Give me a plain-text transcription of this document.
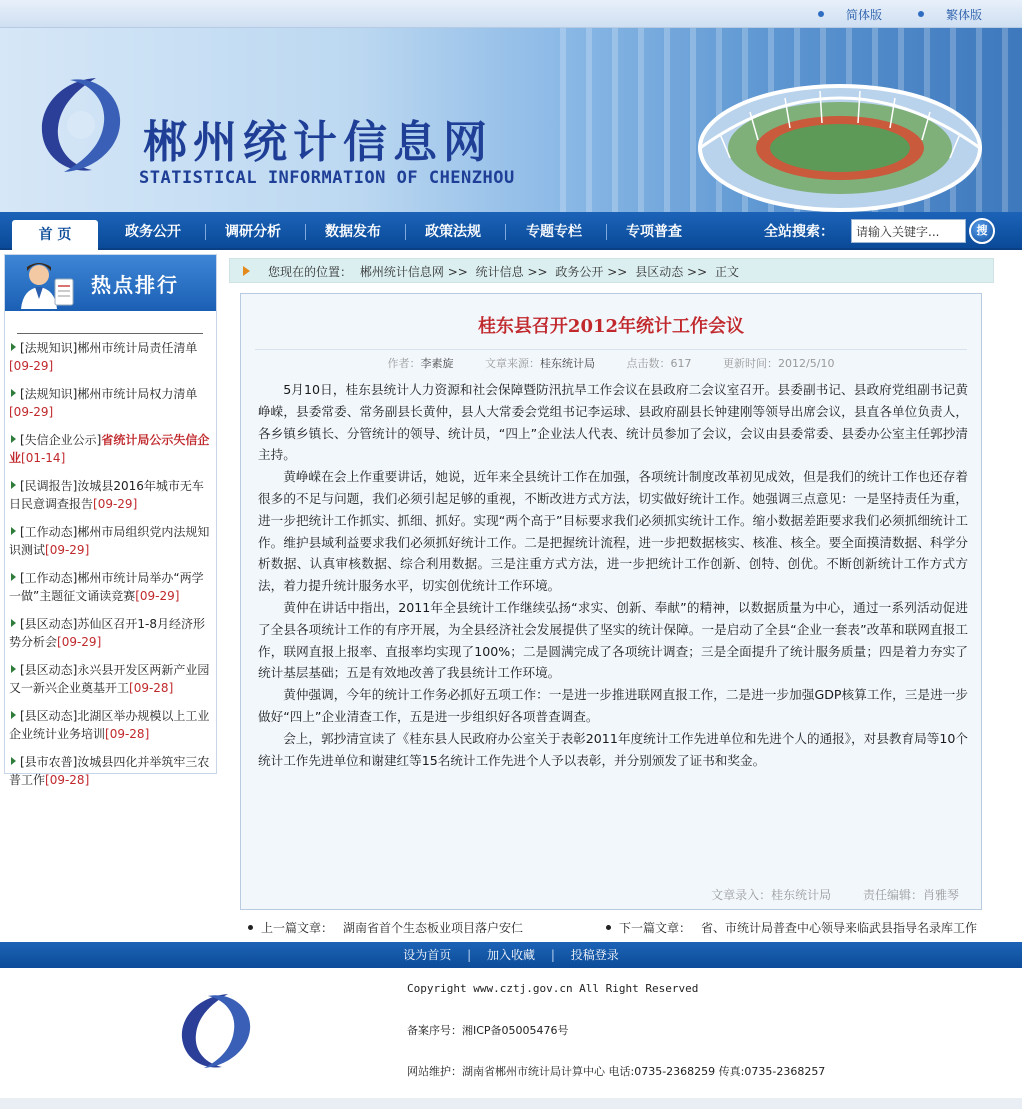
简体版	繁体版
郴州统计信息网
STATISTICAL INFORMATION OF CHENZHOU
首 页	政务公开	调研分析	数据发布	政策法规	专题专栏	专项普查	全站搜索：
请输入关键字...	搜
热点排行
[法规知识]郴州市统计局责任清单[09-29]
[法规知识]郴州市统计局权力清单[09-29]
[失信企业公示]省统计局公示失信企业[01-14]
[民调报告]汝城县2016年城市无车日民意调查报告[09-29]
[工作动态]郴州市局组织党内法规知识测试[09-29]
[工作动态]郴州市统计局举办“两学一做”主题征文诵读竞赛[09-29]
[县区动态]苏仙区召开1-8月经济形势分析会[09-29]
[县区动态]永兴县开发区两新产业园又一新兴企业奠基开工[09-28]
[县区动态]北湖区举办规模以上工业企业统计业务培训[09-28]
[县市农普]汝城县四化并举筑牢三农普工作[09-28]
您现在的位置： 郴州统计信息网 >> 统计信息 >> 政务公开 >> 县区动态 >> 正文
桂东县召开2012年统计工作会议
作者：李素旋	文章来源：桂东统计局	点击数：617	更新时间：2012/5/10

5月10日，桂东县统计人力资源和社会保障暨防汛抗旱工作会议在县政府二会议室召开。县委副书记、县政府党组副书记黄峥嵘，县委常委、常务副县长黄仲，县人大常委会党组书记李运球、县政府副县长钟建刚等领导出席会议，县直各单位负责人，各乡镇乡镇长、分管统计的领导、统计员，“四上”企业法人代表、统计员参加了会议，会议由县委常委、县委办公室主任郭抄清主持。

黄峥嵘在会上作重要讲话，她说，近年来全县统计工作在加强，各项统计制度改革初见成效，但是我们的统计工作也还存着很多的不足与问题，我们必须引起足够的重视，不断改进方式方法，切实做好统计工作。她强调三点意见：一是坚持责任为重，进一步把统计工作抓实、抓细、抓好。实现“两个高于”目标要求我们必须抓实统计工作。缩小数据差距要求我们必须抓细统计工作。维护县域利益要求我们必须抓好统计工作。二是把握统计流程，进一步把数据核实、核准、核全。要全面摸清数据、科学分析数据、认真审核数据、综合利用数据。三是注重方式方法，进一步把统计工作创新、创特、创优。不断创新统计工作方式方法，着力提升统计服务水平，切实创优统计工作环境。

黄仲在讲话中指出，2011年全县统计工作继续弘扬“求实、创新、奉献”的精神，以数据质量为中心，通过一系列活动促进了全县各项统计工作的有序开展，为全县经济社会发展提供了坚实的统计保障。一是启动了全县“企业一套表”改革和联网直报工作，联网直报上报率、直报率均实现了100%；二是圆满完成了各项统计调查；三是全面提升了统计服务质量；四是着力夯实了统计基层基础；五是有效地改善了我县统计工作环境。

黄仲强调，今年的统计工作务必抓好五项工作：一是进一步推进联网直报工作，二是进一步加强GDP核算工作，三是进一步做好“四上”企业清查工作，五是进一步组织好各项普查调查。

会上，郭抄清宣读了《桂东县人民政府办公室关于表彰2011年度统计工作先进单位和先进个人的通报》，对县教育局等10个统计工作先进单位和谢建红等15名统计工作先进个人予以表彰，并分别颁发了证书和奖金。

文章录入：桂东统计局	责任编辑：肖雅琴
上一篇文章： 湖南省首个生态板业项目落户安仁	下一篇文章： 省、市统计局普查中心领导来临武县指导名录库工作
设为首页 | 加入收藏 | 投稿登录
Copyright www.cztj.gov.cn All Right Reserved
备案序号：湘ICP备05005476号
网站维护：湖南省郴州市统计局计算中心 电话:0735-2368259 传真:0735-2368257
